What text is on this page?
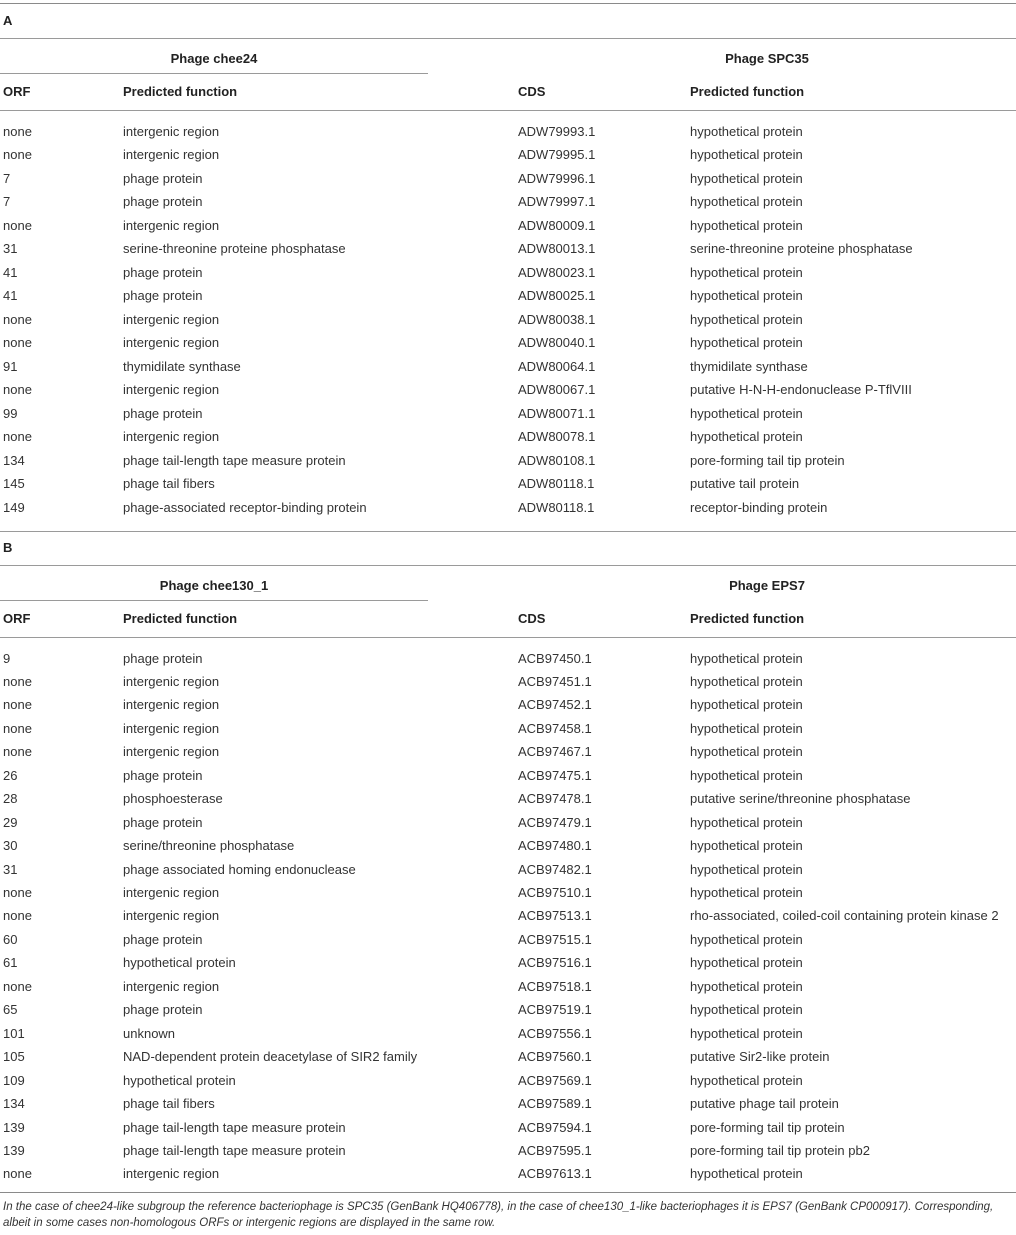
A
Phage chee24	Phage SPC35
ORF	Predicted function	CDS	Predicted function
none	intergenic region	ADW79993.1	hypothetical protein
none	intergenic region	ADW79995.1	hypothetical protein
7	phage protein	ADW79996.1	hypothetical protein
7	phage protein	ADW79997.1	hypothetical protein
none	intergenic region	ADW80009.1	hypothetical protein
31	serine-threonine proteine phosphatase	ADW80013.1	serine-threonine proteine phosphatase
41	phage protein	ADW80023.1	hypothetical protein
41	phage protein	ADW80025.1	hypothetical protein
none	intergenic region	ADW80038.1	hypothetical protein
none	intergenic region	ADW80040.1	hypothetical protein
91	thymidilate synthase	ADW80064.1	thymidilate synthase
none	intergenic region	ADW80067.1	putative H-N-H-endonuclease P-TflVIII
99	phage protein	ADW80071.1	hypothetical protein
none	intergenic region	ADW80078.1	hypothetical protein
134	phage tail-length tape measure protein	ADW80108.1	pore-forming tail tip protein
145	phage tail fibers	ADW80118.1	putative tail protein
149	phage-associated receptor-binding protein	ADW80118.1	receptor-binding protein
B
Phage chee130_1	Phage EPS7
ORF	Predicted function	CDS	Predicted function
9	phage protein	ACB97450.1	hypothetical protein
none	intergenic region	ACB97451.1	hypothetical protein
none	intergenic region	ACB97452.1	hypothetical protein
none	intergenic region	ACB97458.1	hypothetical protein
none	intergenic region	ACB97467.1	hypothetical protein
26	phage protein	ACB97475.1	hypothetical protein
28	phosphoesterase	ACB97478.1	putative serine/threonine phosphatase
29	phage protein	ACB97479.1	hypothetical protein
30	serine/threonine phosphatase	ACB97480.1	hypothetical protein
31	phage associated homing endonuclease	ACB97482.1	hypothetical protein
none	intergenic region	ACB97510.1	hypothetical protein
none	intergenic region	ACB97513.1	rho-associated, coiled-coil containing protein kinase 2
60	phage protein	ACB97515.1	hypothetical protein
61	hypothetical protein	ACB97516.1	hypothetical protein
none	intergenic region	ACB97518.1	hypothetical protein
65	phage protein	ACB97519.1	hypothetical protein
101	unknown	ACB97556.1	hypothetical protein
105	NAD-dependent protein deacetylase of SIR2 family	ACB97560.1	putative Sir2-like protein
109	hypothetical protein	ACB97569.1	hypothetical protein
134	phage tail fibers	ACB97589.1	putative phage tail protein
139	phage tail-length tape measure protein	ACB97594.1	pore-forming tail tip protein
139	phage tail-length tape measure protein	ACB97595.1	pore-forming tail tip protein pb2
none	intergenic region	ACB97613.1	hypothetical protein
In the case of chee24-like subgroup the reference bacteriophage is SPC35 (GenBank HQ406778), in the case of chee130_1-like bacteriophages it is EPS7 (GenBank CP000917). Corresponding, albeit in some cases non-homologous ORFs or intergenic regions are displayed in the same row.
